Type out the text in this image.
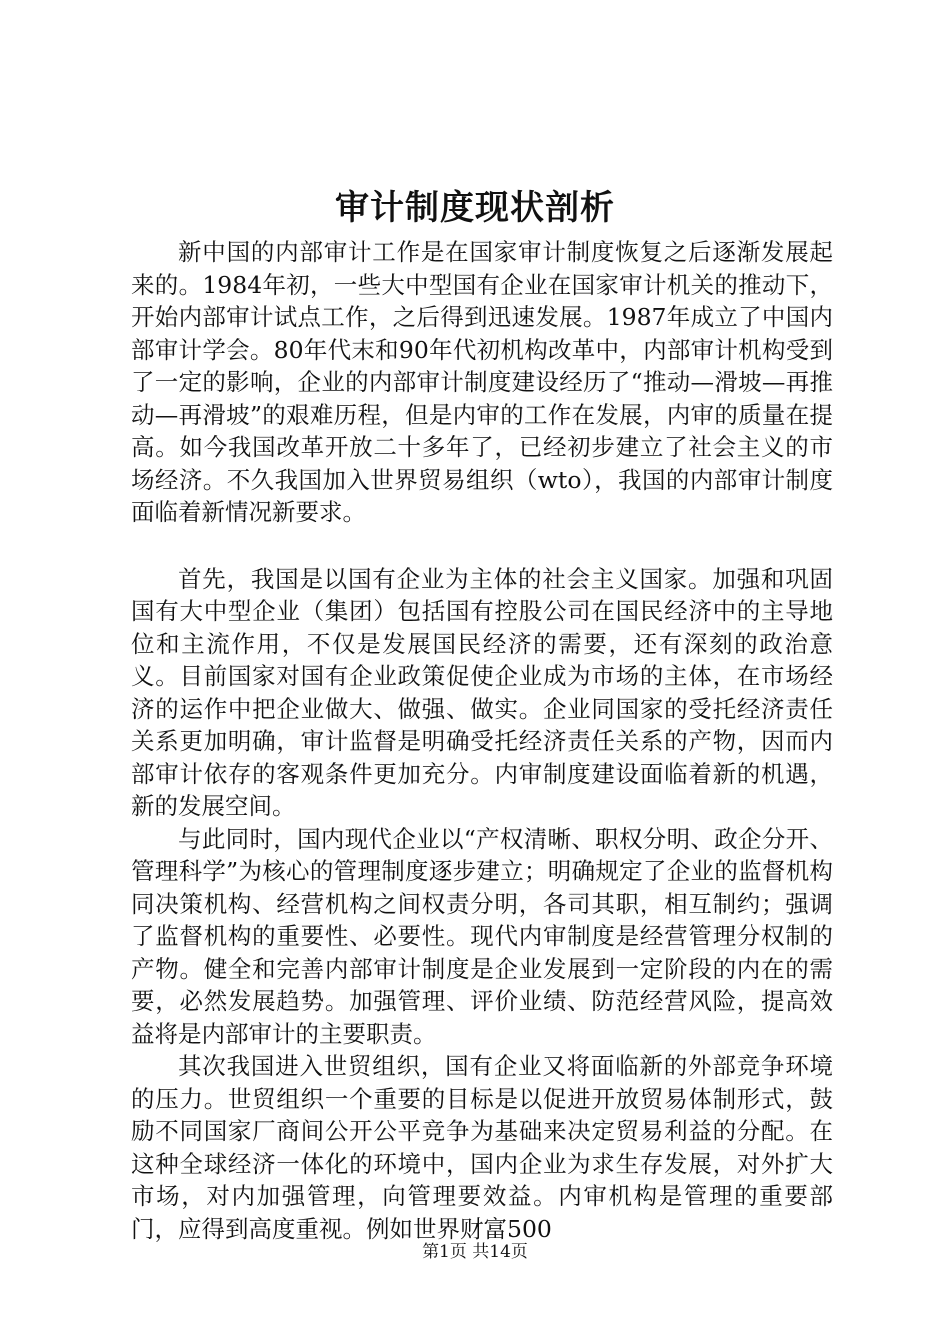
审计制度现状剖析

新中国的内部审计工作是在国家审计制度恢复之后逐渐发展起来的。1984年初，一些大中型国有企业在国家审计机关的推动下，开始内部审计试点工作，之后得到迅速发展。1987年成立了中国内部审计学会。80年代末和90年代初机构改革中，内部审计机构受到了一定的影响，企业的内部审计制度建设经历了“推动—滑坡—再推动—再滑坡”的艰难历程，但是内审的工作在发展，内审的质量在提高。如今我国改革开放二十多年了，已经初步建立了社会主义的市场经济。不久我国加入世界贸易组织（wto），我国的内部审计制度面临着新情况新要求。

首先，我国是以国有企业为主体的社会主义国家。加强和巩固国有大中型企业（集团）包括国有控股公司在国民经济中的主导地位和主流作用，不仅是发展国民经济的需要，还有深刻的政治意义。目前国家对国有企业政策促使企业成为市场的主体，在市场经济的运作中把企业做大、做强、做实。企业同国家的受托经济责任关系更加明确，审计监督是明确受托经济责任关系的产物，因而内部审计依存的客观条件更加充分。内审制度建设面临着新的机遇，新的发展空间。

与此同时，国内现代企业以“产权清晰、职权分明、政企分开、管理科学”为核心的管理制度逐步建立；明确规定了企业的监督机构同决策机构、经营机构之间权责分明，各司其职，相互制约；强调了监督机构的重要性、必要性。现代内审制度是经营管理分权制的产物。健全和完善内部审计制度是企业发展到一定阶段的内在的需要，必然发展趋势。加强管理、评价业绩、防范经营风险，提高效益将是内部审计的主要职责。

其次我国进入世贸组织，国有企业又将面临新的外部竞争环境的压力。世贸组织一个重要的目标是以促进开放贸易体制形式，鼓励不同国家厂商间公开公平竞争为基础来决定贸易利益的分配。在这种全球经济一体化的环境中，国内企业为求生存发展，对外扩大市场，对内加强管理，向管理要效益。内审机构是管理的重要部门，应得到高度重视。例如世界财富500

第1页 共14页
